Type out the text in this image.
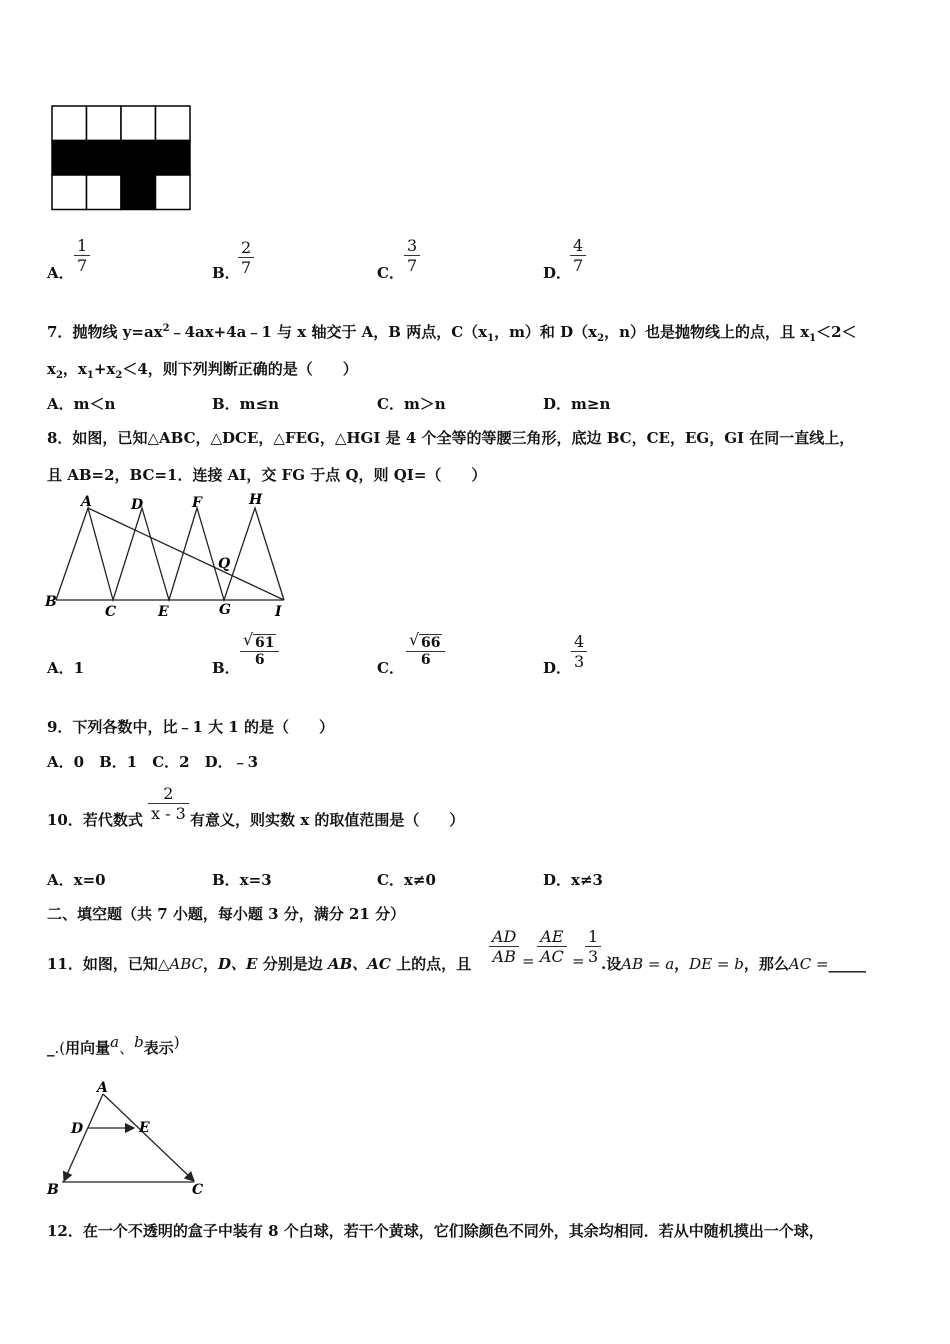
A． $\frac{1}{7}$	B．
$\frac{2}{7}$	C． $\frac{3}{7}$	D．
$\frac{4}{7}$
7．抛物线 $y=ax^2﹣4ax+4a﹣1$ 与 x 轴交于 A，B 两点，$C(x_1$，m）和 $D(x_2$，n）也是抛物线上的点，且 $x_1<2<$
$x_2$，$x_1+x_2<4$，则下列判断正确的是（　　）
A．m＜n	B．m≤n	C．m＞n	D．m≥n
8．如图，已知△ABC，△DCE，△FEG，△HGI 是 4 个全等的等腰三角形，底边 BC，CE，EG，GI 在同一直线上，
且 AB=2，BC=1．连接 AI，交 FG 于点 Q，则 QI=（　　）
A	D	F	H
Q
B
C	E	G	I
A．1	B． $\frac{√ 61}{6}$	C． $\frac{√ 66}{6}$	D． $\frac{4}{3}$
9．下列各数中，比﹣1 大 1 的是（　　）
A．0　B．1　C．2　D．﹣3
10．若代数式 $\frac{2}{x - 3}$ 有意义，则实数 x 的取值范围是（　　）
A．x=0	B．x=3	C．x≠0	D．x≠3
二、填空题（共 7 小题，每小题 3 分，满分 21 分）
11．如图，已知△ABC，D、E 分别是边 AB、AC 上的点，且 $\frac{AD}{AB} = \frac{AE}{AC} = \frac{1}{3}$ .设AB = a，DE = b，那么AC =_____
_.(用向量a、b表示)
A
D	E
B	C
12．在一个不透明的盒子中装有 8 个白球，若干个黄球，它们除颜色不同外，其余均相同．若从中随机摸出一个球，
